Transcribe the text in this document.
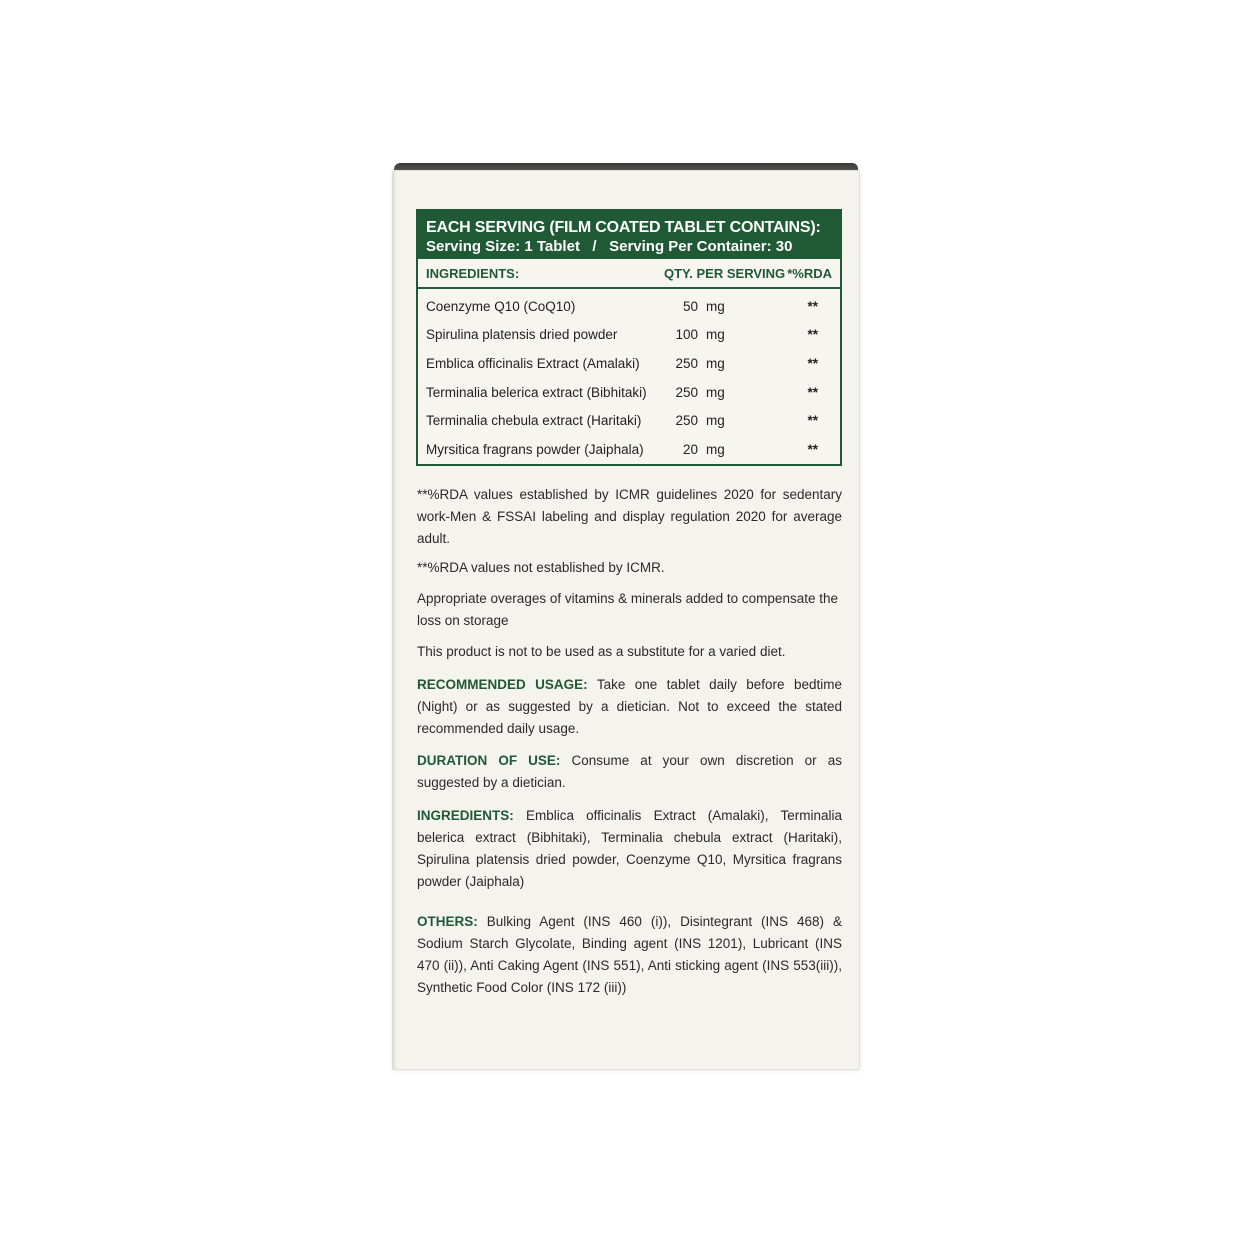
EACH SERVING (FILM COATED TABLET CONTAINS):
Serving Size: 1 Tablet   /   Serving Per Container: 30
INGREDIENTS:	QTY. PER SERVING *%RDA
Coenzyme Q10 (CoQ10)	50 mg	**
Spirulina platensis dried powder	100 mg	**
Emblica officinalis Extract (Amalaki)	250 mg	**
Terminalia belerica extract (Bibhitaki)	250 mg	**
Terminalia chebula extract (Haritaki)	250 mg	**
Myrsitica fragrans powder (Jaiphala)	20 mg	**
**%RDA values established by ICMR guidelines 2020 for sedentary work-Men & FSSAI labeling and display regulation 2020 for average adult.
**%RDA values not established by ICMR.
Appropriate overages of vitamins & minerals added to compensate the loss on storage
This product is not to be used as a substitute for a varied diet.
RECOMMENDED USAGE: Take one tablet daily before bedtime (Night) or as suggested by a dietician. Not to exceed the stated recommended daily usage.
DURATION OF USE: Consume at your own discretion or as suggested by a dietician.
INGREDIENTS: Emblica officinalis Extract (Amalaki), Terminalia belerica extract (Bibhitaki), Terminalia chebula extract (Haritaki), Spirulina platensis dried powder, Coenzyme Q10, Myrsitica fragrans powder (Jaiphala)
OTHERS: Bulking Agent (INS 460 (i)), Disintegrant (INS 468) & Sodium Starch Glycolate, Binding agent (INS 1201), Lubricant (INS 470 (ii)), Anti Caking Agent (INS 551), Anti sticking agent (INS 553(iii)), Synthetic Food Color (INS 172 (iii))
